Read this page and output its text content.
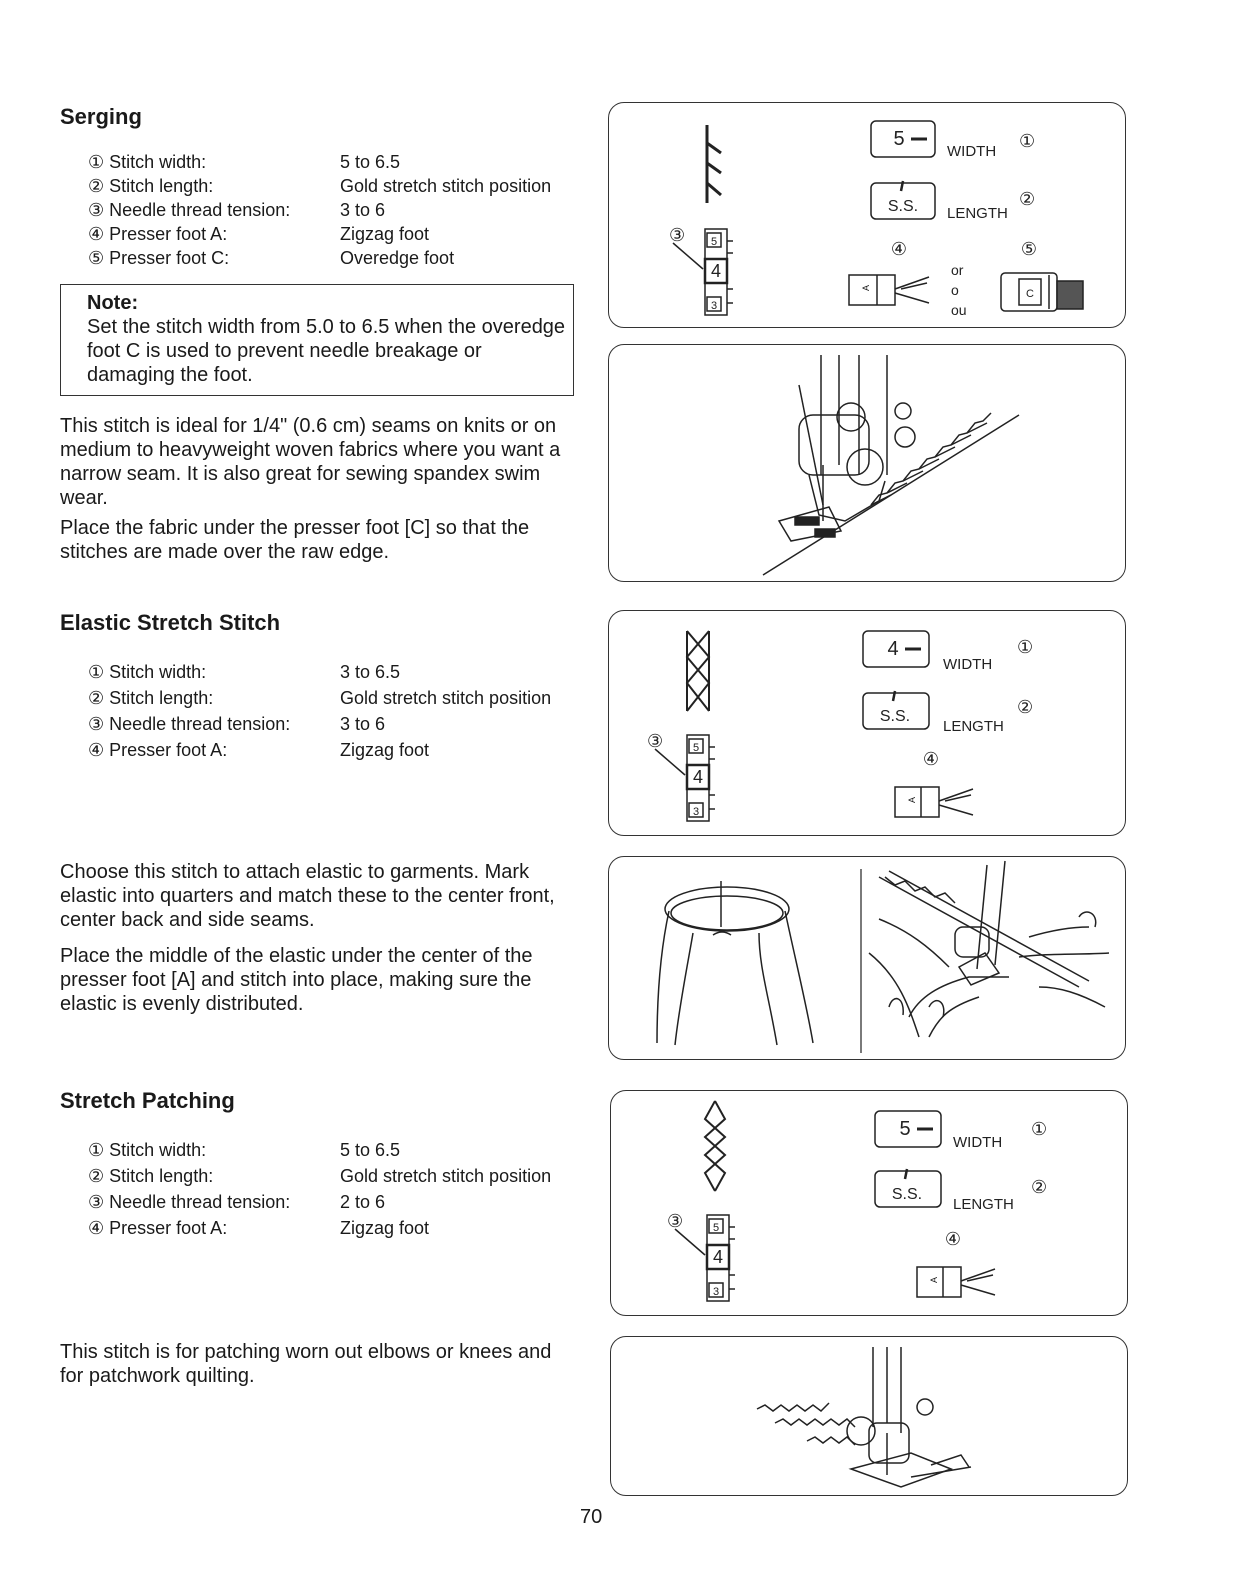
Serging
① Stitch width:	5 to 6.5
② Stitch length:	Gold stretch stitch position
③ Needle thread tension:	3 to 6
④ Presser foot A:	Zigzag foot
⑤ Presser foot C:	Overedge foot
Note:
Set the stitch width from 5.0 to 6.5 when the overedge foot C is used to prevent needle breakage or damaging the foot.

This stitch is ideal for 1/4" (0.6 cm) seams on knits or on medium to heavyweight woven fabrics where you want a narrow seam. It is also great for sewing spandex swim wear.

Place the fabric under the presser foot [C] so that the stitches are made over the raw edge.

5
4
3
③
5
WIDTH
①
S.S. LENGTH
②
④
A
or
o
ou
⑤
C
Elastic Stretch Stitch
① Stitch width:	3 to 6.5
② Stitch length:	Gold stretch stitch position
③ Needle thread tension:	3 to 6
④ Presser foot A:	Zigzag foot

Choose this stitch to attach elastic to garments. Mark elastic into quarters and match these to the center front, center back and side seams.

Place the middle of the elastic under the center of the presser foot [A] and stitch into place, making sure the elastic is evenly distributed.

5
4
3
③
4
WIDTH
①
S.S.
LENGTH
②
④
A
Stretch Patching
① Stitch width:	5 to 6.5
② Stitch length:	Gold stretch stitch position
③ Needle thread tension:	2 to 6
④ Presser foot A:	Zigzag foot

This stitch is for patching worn out elbows or knees and for patchwork quilting.

5
4
3
③
5
WIDTH
①
S.S.
LENGTH
②
④
A
70
